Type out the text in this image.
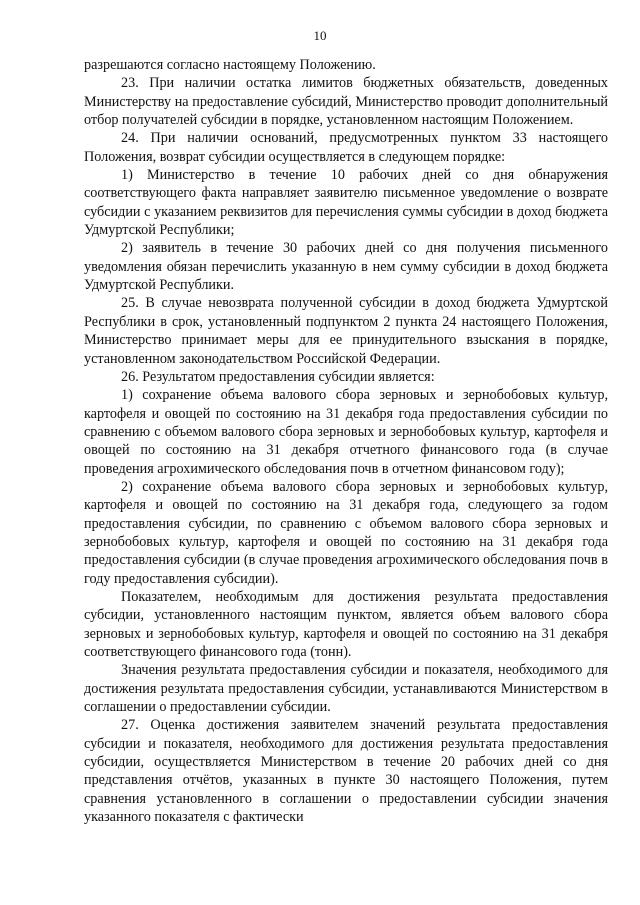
10

разрешаются согласно настоящему Положению.

23. При наличии остатка лимитов бюджетных обязательств, доведенных Министерству на предоставление субсидий, Министерство проводит дополнительный отбор получателей субсидии в порядке, установленном настоящим Положением.

24. При наличии оснований, предусмотренных пунктом 33 настоящего Положения, возврат субсидии осуществляется в следующем порядке:

1) Министерство в течение 10 рабочих дней со дня обнаружения соответствующего факта направляет заявителю письменное уведомление о возврате субсидии с указанием реквизитов для перечисления суммы субсидии в доход бюджета Удмуртской Республики;

2) заявитель в течение 30 рабочих дней со дня получения письменного уведомления обязан перечислить указанную в нем сумму субсидии в доход бюджета Удмуртской Республики.

25. В случае невозврата полученной субсидии в доход бюджета Удмуртской Республики в срок, установленный подпунктом 2 пункта 24 настоящего Положения, Министерство принимает меры для ее принудительного взыскания в порядке, установленном законодательством Российской Федерации.

26. Результатом предоставления субсидии является:

1) сохранение объема валового сбора зерновых и зернобобовых культур, картофеля и овощей по состоянию на 31 декабря года предоставления субсидии по сравнению с объемом валового сбора зерновых и зернобобовых культур, картофеля и овощей по состоянию на 31 декабря отчетного финансового года (в случае проведения агрохимического обследования почв в отчетном финансовом году);

2) сохранение объема валового сбора зерновых и зернобобовых культур, картофеля и овощей по состоянию на 31 декабря года, следующего за годом предоставления субсидии, по сравнению с объемом валового сбора зерновых и зернобобовых культур, картофеля и овощей по состоянию на 31 декабря года предоставления субсидии (в случае проведения агрохимического обследования почв в году предоставления субсидии).

Показателем, необходимым для достижения результата предоставления субсидии, установленного настоящим пунктом, является объем валового сбора зерновых и зернобобовых культур, картофеля и овощей по состоянию на 31 декабря соответствующего финансового года (тонн).

Значения результата предоставления субсидии и показателя, необходимого для достижения результата предоставления субсидии, устанавливаются Министерством в соглашении о предоставлении субсидии.

27. Оценка достижения заявителем значений результата предоставления субсидии и показателя, необходимого для достижения результата предоставления субсидии, осуществляется Министерством в течение 20 рабочих дней со дня представления отчётов, указанных в пункте 30 настоящего Положения, путем сравнения установленного в соглашении о предоставлении субсидии значения указанного показателя с фактически
